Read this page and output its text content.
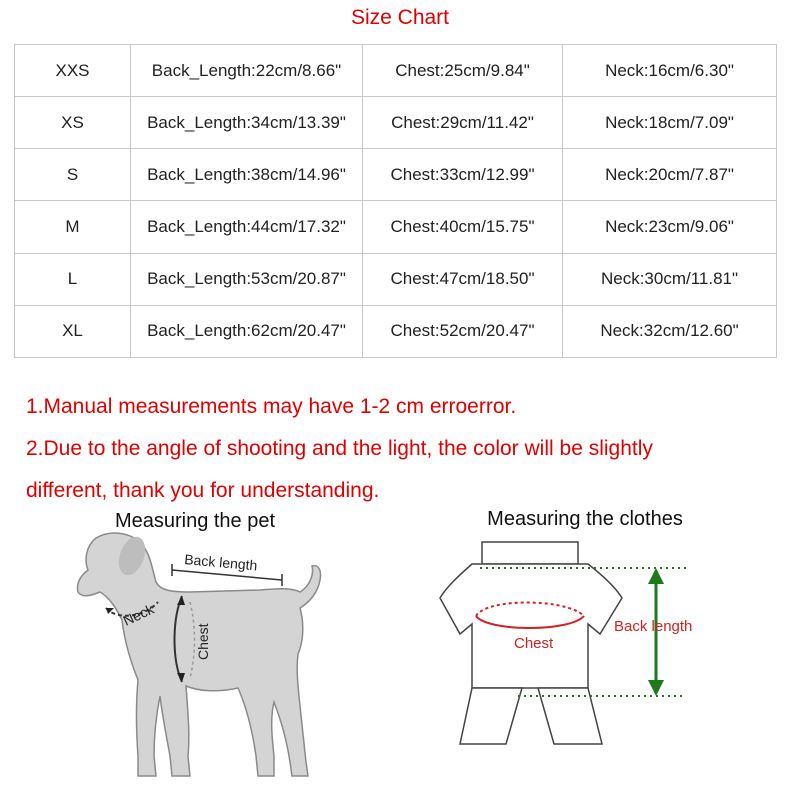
Size Chart
XXS	Back_Length:22cm/8.66"	Chest:25cm/9.84"	Neck:16cm/6.30"
XS	Back_Length:34cm/13.39"	Chest:29cm/11.42"	Neck:18cm/7.09"
S	Back_Length:38cm/14.96"	Chest:33cm/12.99"	Neck:20cm/7.87"
M	Back_Length:44cm/17.32"	Chest:40cm/15.75"	Neck:23cm/9.06"
L	Back_Length:53cm/20.87"	Chest:47cm/18.50"	Neck:30cm/11.81"
XL	Back_Length:62cm/20.47"	Chest:52cm/20.47"	Neck:32cm/12.60"

1.Manual measurements may have 1-2 cm erroerror.

2.Due to the angle of shooting and the light, the color will be slightly

different, thank you for understanding.

Measuring the pet	Measuring the clothes
Back length
Neck
Chest	Chest
Back length
